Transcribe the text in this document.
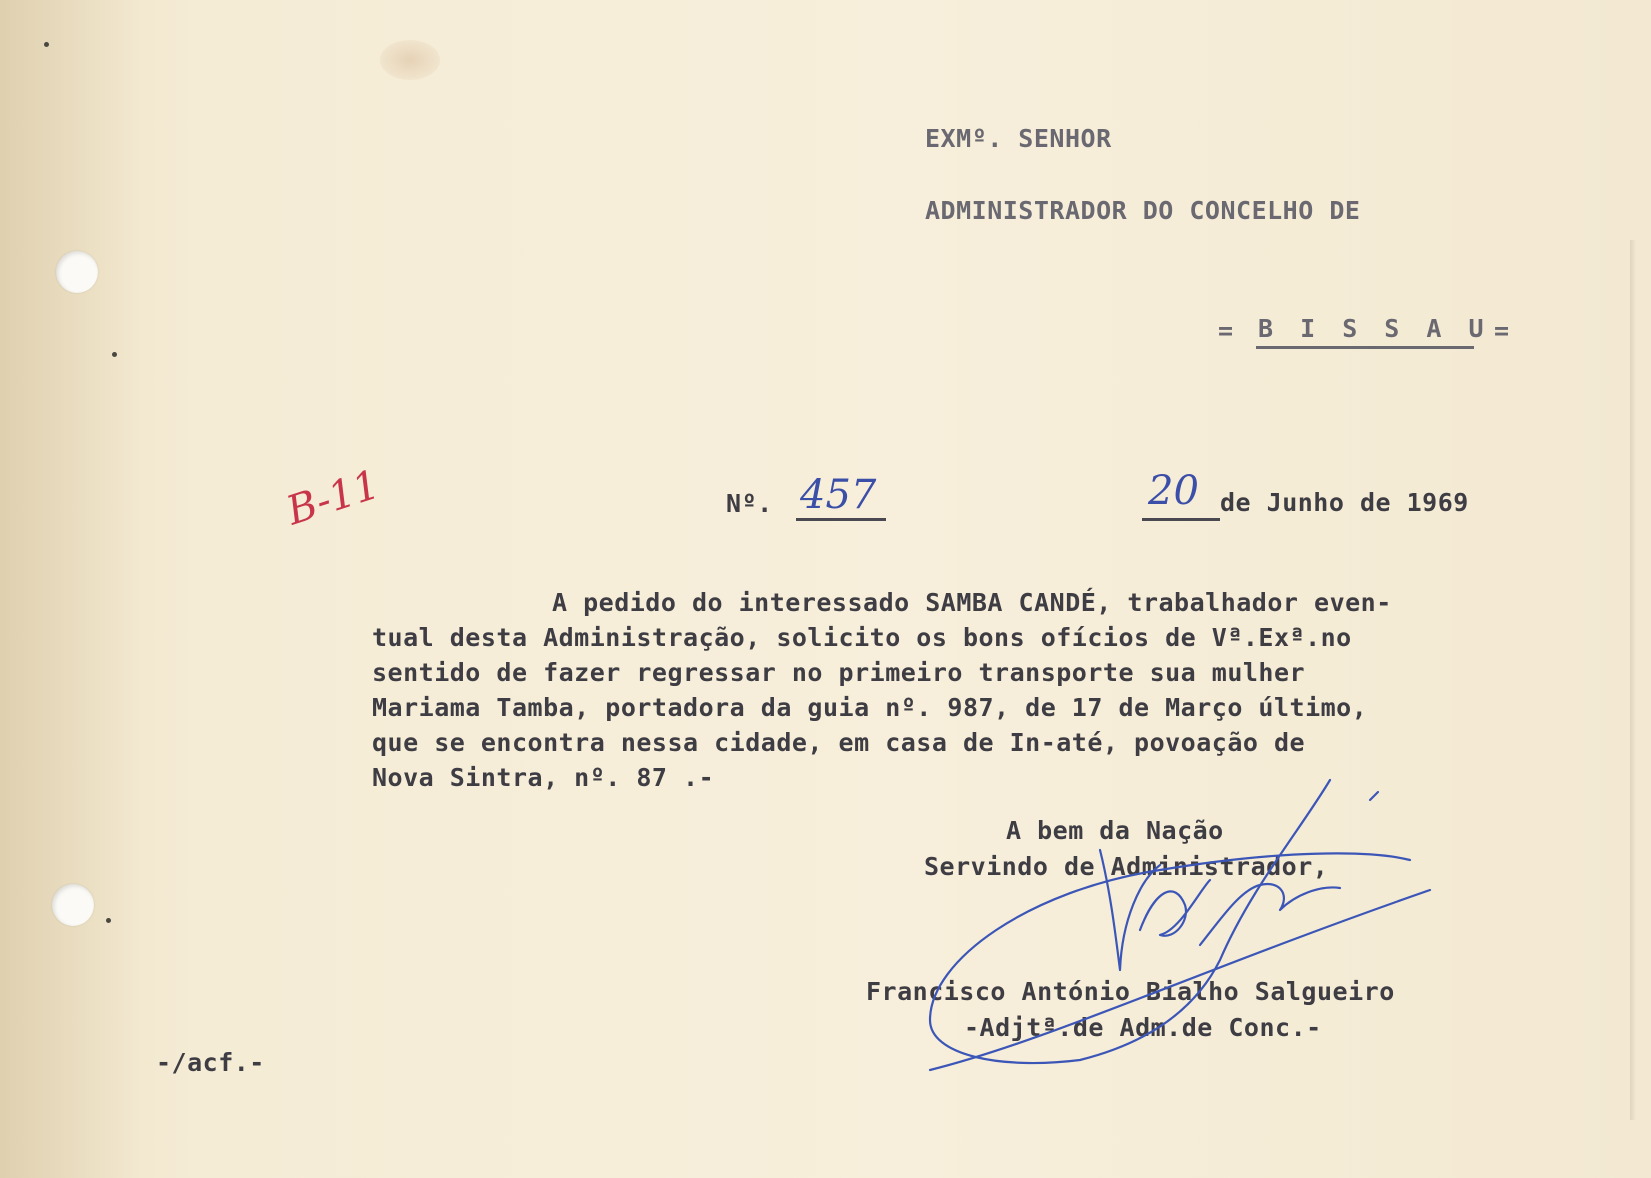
EXMº. SENHOR
ADMINISTRADOR DO CONCELHO DE
= B I S S A U =
B-11	Nº. 457	20 de Junho de 1969
A pedido do interessado SAMBA CANDÉ, trabalhador even-
tual desta Administração, solicito os bons ofícios de Vª.Exª.no
sentido de fazer regressar no primeiro transporte sua mulher
Mariama Tamba, portadora da guia nº. 987, de 17 de Março último,
que se encontra nessa cidade, em casa de In-até, povoação de
Nova Sintra, nº. 87 .-
A bem da Nação
Servindo de Administrador,
Francisco António Bialho Salgueiro
-Adjtª.de Adm.de Conc.-
-/acf.-
